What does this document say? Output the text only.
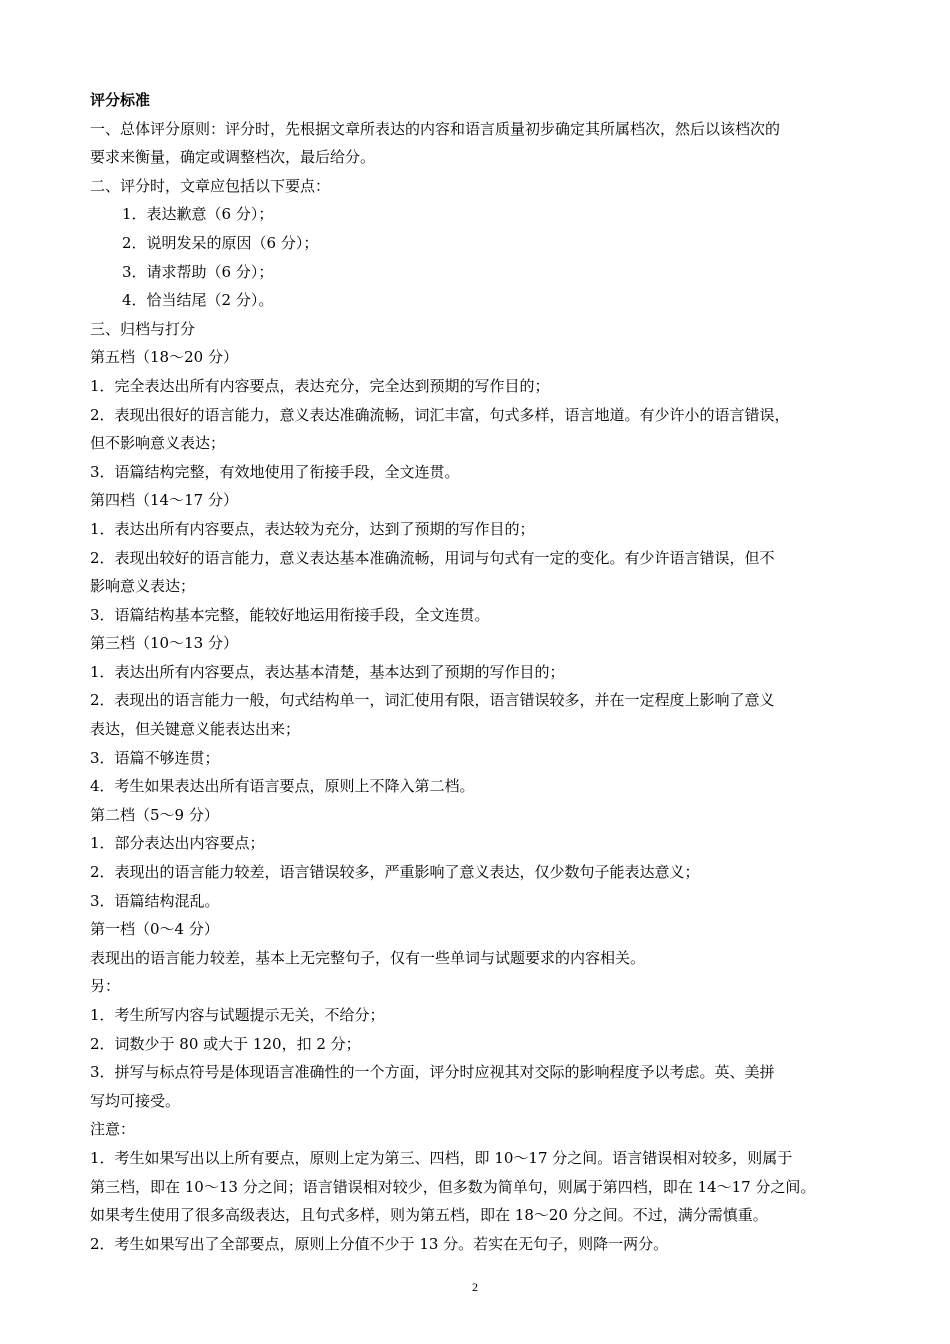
评分标准
一、总体评分原则：评分时，先根据文章所表达的内容和语言质量初步确定其所属档次，然后以该档次的
要求来衡量，确定或调整档次，最后给分。
二、评分时，文章应包括以下要点：
1．表达歉意（6 分）；
2．说明发呆的原因（6 分）；
3．请求帮助（6 分）；
4．恰当结尾（2 分）。
三、归档与打分
第五档（18～20 分）
1．完全表达出所有内容要点，表达充分，完全达到预期的写作目的；
2．表现出很好的语言能力，意义表达准确流畅，词汇丰富，句式多样，语言地道。有少许小的语言错误，
但不影响意义表达；
3．语篇结构完整，有效地使用了衔接手段，全文连贯。
第四档（14～17 分）
1．表达出所有内容要点，表达较为充分，达到了预期的写作目的；
2．表现出较好的语言能力，意义表达基本准确流畅，用词与句式有一定的变化。有少许语言错误，但不
影响意义表达；
3．语篇结构基本完整，能较好地运用衔接手段，全文连贯。
第三档（10～13 分）
1．表达出所有内容要点，表达基本清楚，基本达到了预期的写作目的；
2．表现出的语言能力一般，句式结构单一，词汇使用有限，语言错误较多，并在一定程度上影响了意义
表达，但关键意义能表达出来；
3．语篇不够连贯；
4．考生如果表达出所有语言要点，原则上不降入第二档。
第二档（5～9 分）
1．部分表达出内容要点；
2．表现出的语言能力较差，语言错误较多，严重影响了意义表达，仅少数句子能表达意义；
3．语篇结构混乱。
第一档（0～4 分）
表现出的语言能力较差，基本上无完整句子，仅有一些单词与试题要求的内容相关。
另：
1．考生所写内容与试题提示无关，不给分；
2．词数少于 80 或大于 120，扣 2 分；
3．拼写与标点符号是体现语言准确性的一个方面，评分时应视其对交际的影响程度予以考虑。英、美拼
写均可接受。
注意：
1．考生如果写出以上所有要点，原则上定为第三、四档，即 10～17 分之间。语言错误相对较多，则属于
第三档，即在 10～13 分之间；语言错误相对较少，但多数为简单句，则属于第四档，即在 14～17 分之间。
如果考生使用了很多高级表达，且句式多样，则为第五档，即在 18～20 分之间。不过，满分需慎重。
2．考生如果写出了全部要点，原则上分值不少于 13 分。若实在无句子，则降一两分。
2
